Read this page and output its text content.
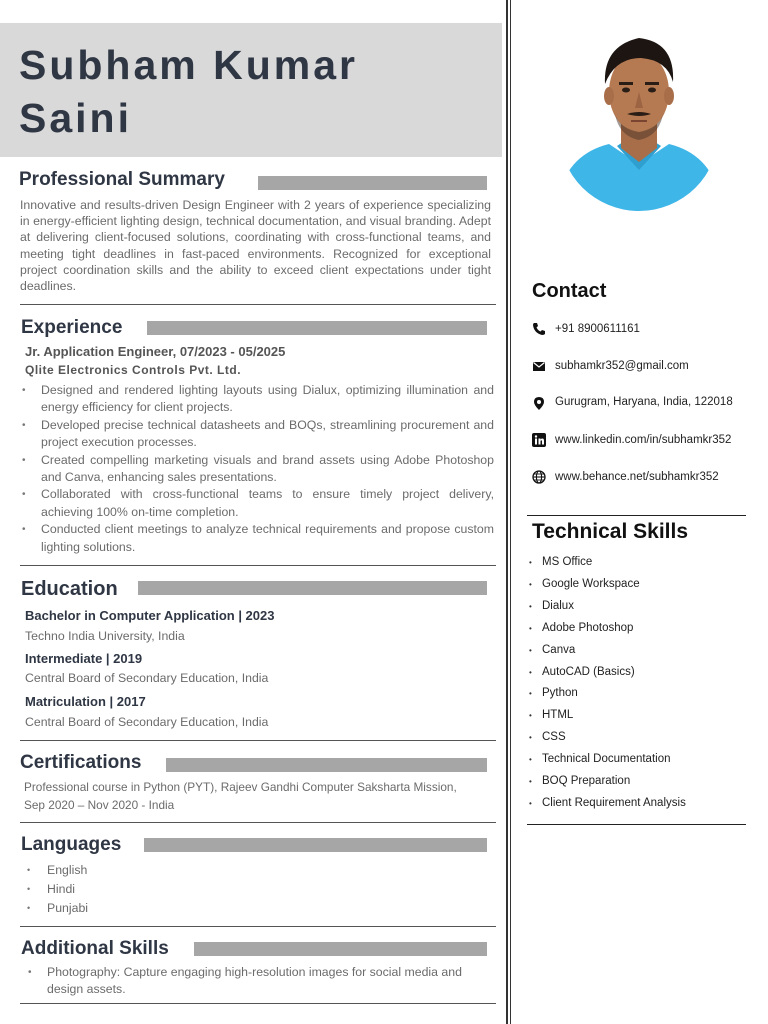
Subham Kumar
Saini
Professional Summary
Innovative and results-driven Design Engineer with 2 years of experience specializing in energy-efficient lighting design, technical documentation, and visual branding. Adept at delivering client-focused solutions, coordinating with cross-functional teams, and meeting tight deadlines in fast-paced environments. Recognized for exceptional project coordination skills and the ability to exceed client expectations under tight deadlines.
Experience
Jr. Application Engineer, 07/2023 - 05/2025
Qlite Electronics Controls Pvt. Ltd.
• Designed and rendered lighting layouts using Dialux, optimizing illumination and energy efficiency for client projects.
• Developed precise technical datasheets and BOQs, streamlining procurement and project execution processes.
• Created compelling marketing visuals and brand assets using Adobe Photoshop and Canva, enhancing sales presentations.
• Collaborated with cross-functional teams to ensure timely project delivery, achieving 100% on-time completion.
• Conducted client meetings to analyze technical requirements and propose custom lighting solutions.
Education
Bachelor in Computer Application | 2023
Techno India University, India
Intermediate | 2019
Central Board of Secondary Education, India
Matriculation | 2017
Central Board of Secondary Education, India
Certifications
Professional course in Python (PYT), Rajeev Gandhi Computer Saksharta Mission,
Sep 2020 – Nov 2020 - India
Languages
• English
• Hindi
• Punjabi
Additional Skills
• Photography: Capture engaging high-resolution images for social media and design assets.
Contact
+91 8900611161
subhamkr352@gmail.com
Gurugram, Haryana, India, 122018
www.linkedin.com/in/subhamkr352
www.behance.net/subhamkr352
Technical Skills
• MS Office
• Google Workspace
• Dialux
• Adobe Photoshop
• Canva
• AutoCAD (Basics)
• Python
• HTML
• CSS
• Technical Documentation
• BOQ Preparation
• Client Requirement Analysis
